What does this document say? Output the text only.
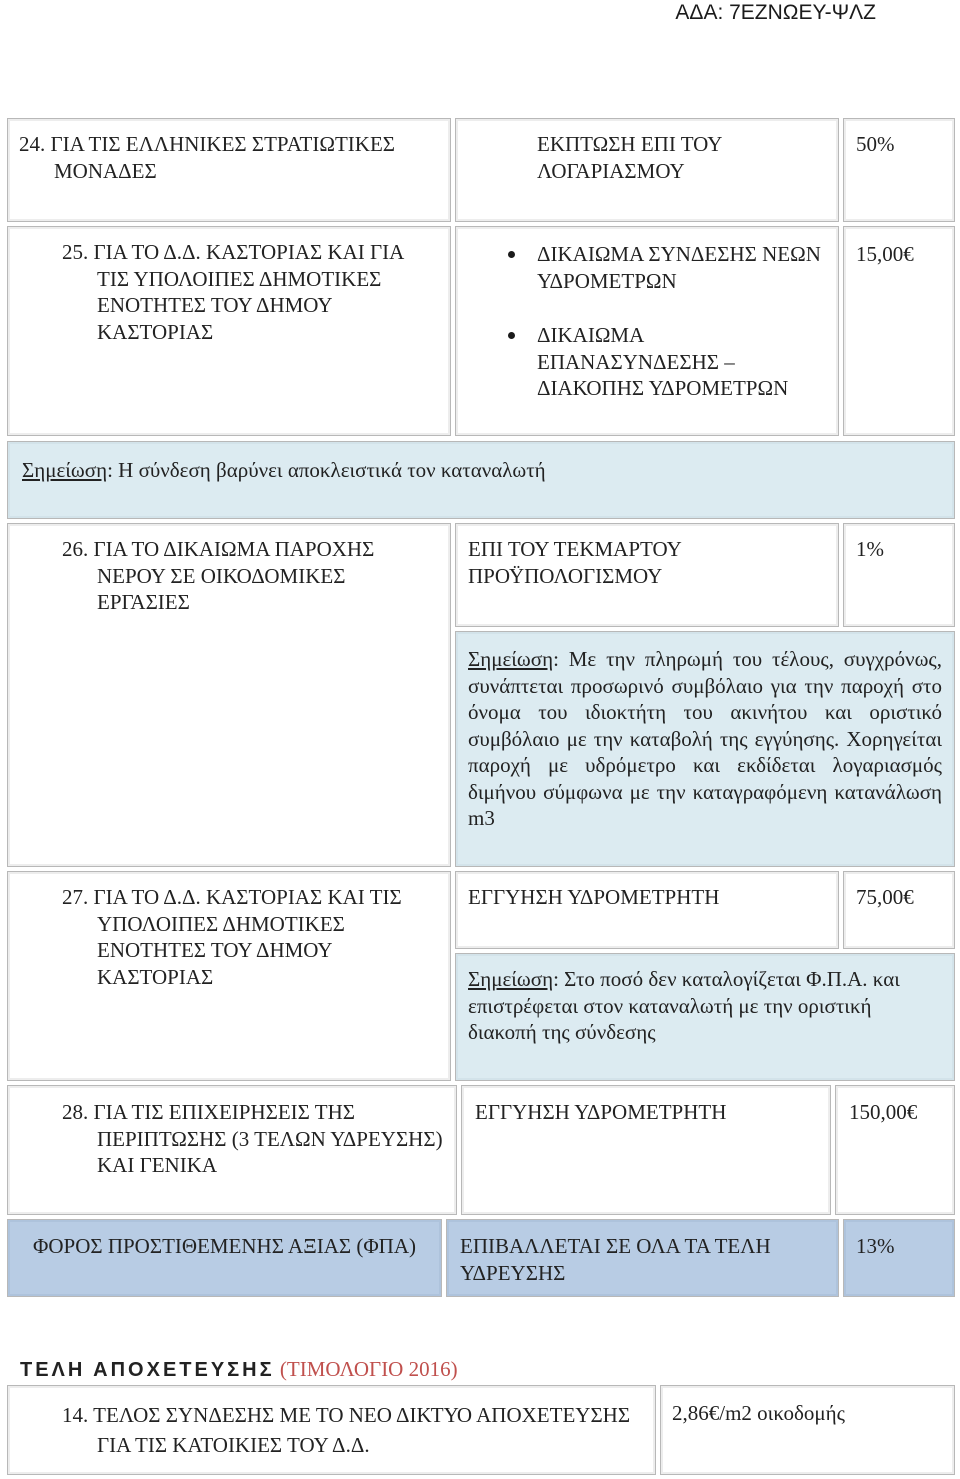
ΑΔΑ: 7ΕΖΝΩΕΥ-ΨΛΖ
24. ΓΙΑ ΤΙΣ ΕΛΛΗΝΙΚΕΣ ΣΤΡΑΤΙΩΤΙΚΕΣ ΜΟΝΑΔΕΣ
ΕΚΠΤΩΣΗ ΕΠΙ ΤΟΥ ΛΟΓΑΡΙΑΣΜΟΥ
50%
25. ΓΙΑ ΤΟ Δ.Δ. ΚΑΣΤΟΡΙΑΣ ΚΑΙ ΓΙΑ ΤΙΣ ΥΠΟΛΟΙΠΕΣ ΔΗΜΟΤΙΚΕΣ ΕΝΟΤΗΤΕΣ ΤΟΥ ΔΗΜΟΥ ΚΑΣΤΟΡΙΑΣ
ΔΙΚΑΙΩΜΑ ΣΥΝΔΕΣΗΣ ΝΕΩΝ ΥΔΡΟΜΕΤΡΩΝ
ΔΙΚΑΙΩΜΑ ΕΠΑΝΑΣΥΝΔΕΣΗΣ – ΔΙΑΚΟΠΗΣ ΥΔΡΟΜΕΤΡΩΝ
15,00€
Σημείωση: Η σύνδεση βαρύνει αποκλειστικά τον καταναλωτή
26. ΓΙΑ ΤΟ ΔΙΚΑΙΩΜΑ ΠΑΡΟΧΗΣ ΝΕΡΟΥ ΣΕ ΟΙΚΟΔΟΜΙΚΕΣ ΕΡΓΑΣΙΕΣ
ΕΠΙ ΤΟΥ ΤΕΚΜΑΡΤΟΥ ΠΡΟΫΠΟΛΟΓΙΣΜΟΥ
1%
Σημείωση: Με την πληρωμή του τέλους, συγχρόνως, συνάπτεται προσωρινό συμβόλαιο για την παροχή στο όνομα του ιδιοκτήτη του ακινήτου και οριστικό συμβόλαιο με την καταβολή της εγγύησης. Χορηγείται παροχή με υδρόμετρο και εκδίδεται λογαριασμός διμήνου σύμφωνα με την καταγραφόμενη κατανάλωση m3
27. ΓΙΑ ΤΟ Δ.Δ. ΚΑΣΤΟΡΙΑΣ ΚΑΙ ΤΙΣ ΥΠΟΛΟΙΠΕΣ ΔΗΜΟΤΙΚΕΣ ΕΝΟΤΗΤΕΣ ΤΟΥ ΔΗΜΟΥ ΚΑΣΤΟΡΙΑΣ
ΕΓΓΥΗΣΗ ΥΔΡΟΜΕΤΡΗΤΗ	75,00€
Σημείωση: Στο ποσό δεν καταλογίζεται Φ.Π.Α. και επιστρέφεται στον καταναλωτή με την οριστική διακοπή της σύνδεσης
28. ΓΙΑ ΤΙΣ ΕΠΙΧΕΙΡΗΣΕΙΣ ΤΗΣ ΠΕΡΙΠΤΩΣΗΣ (3 ΤΕΛΩΝ ΥΔΡΕΥΣΗΣ) ΚΑΙ ΓΕΝΙΚΑ
ΕΓΓΥΗΣΗ ΥΔΡΟΜΕΤΡΗΤΗ	150,00€
ΦΟΡΟΣ ΠΡΟΣΤΙΘΕΜΕΝΗΣ ΑΞΙΑΣ (ΦΠΑ) ΕΠΙΒΑΛΛΕΤΑΙ ΣΕ ΟΛΑ ΤΑ ΤΕΛΗ ΥΔΡΕΥΣΗΣ
13%
ΤΕΛΗ ΑΠΟΧΕΤΕΥΣΗΣ (ΤΙΜΟΛΟΓΙΟ 2016)
14. ΤΕΛΟΣ ΣΥΝΔΕΣΗΣ ΜΕ ΤΟ ΝΕΟ ΔΙΚΤΥΟ ΑΠΟΧΕΤΕΥΣΗΣ ΓΙΑ ΤΙΣ ΚΑΤΟΙΚΙΕΣ ΤΟΥ Δ.Δ.
2,86€/m2 οικοδομής
